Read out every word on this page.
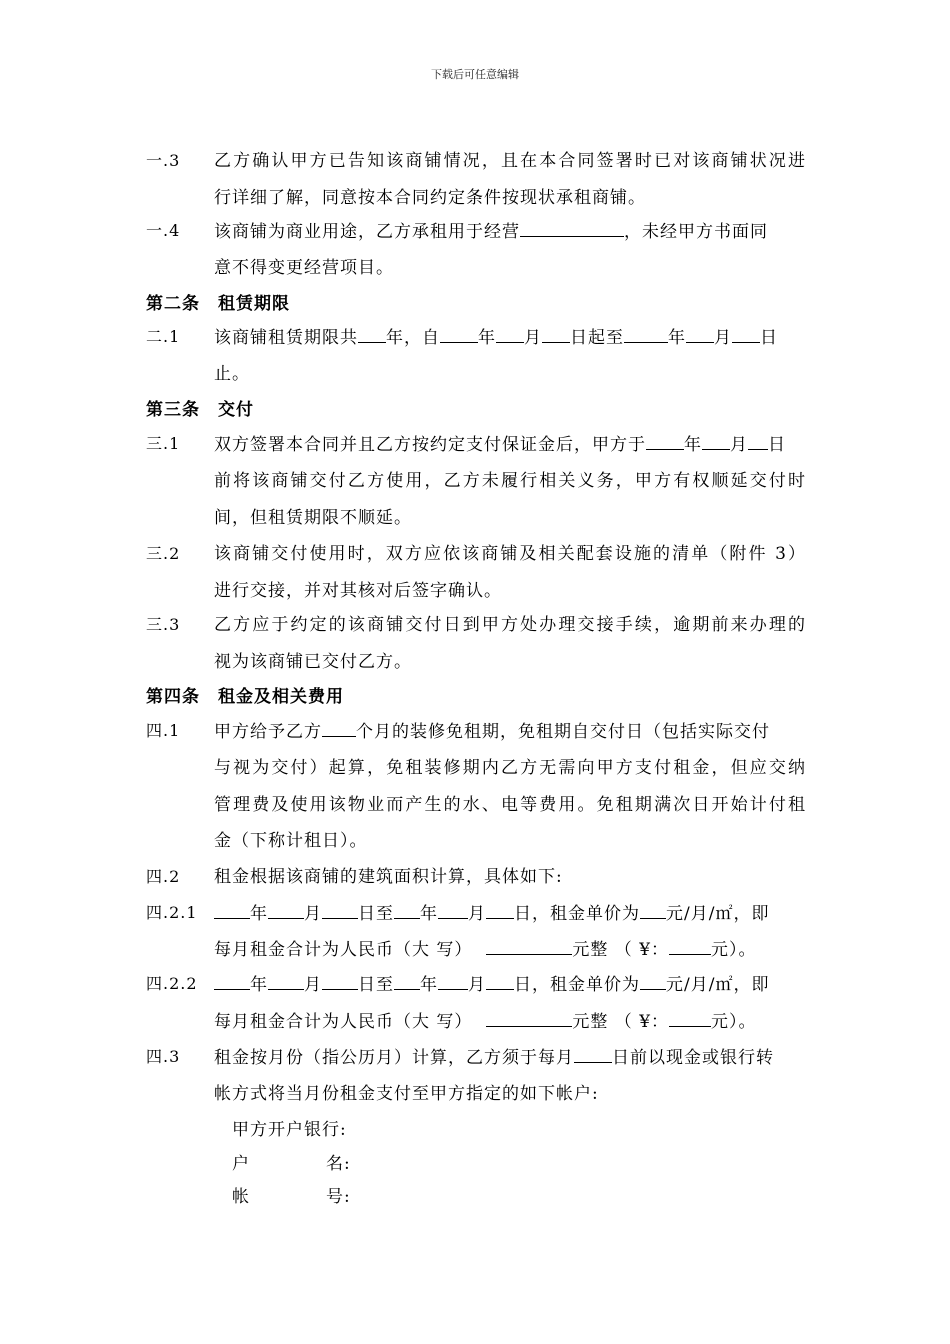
下载后可任意编辑
一.3 乙方确认甲方已告知该商铺情况，且在本合同签署时已对该商铺状况进
行详细了解，同意按本合同约定条件按现状承租商铺。
一.4 该商铺为商业用途，乙方承租用于经营	，未经甲方书面同
意不得变更经营项目。
第二条 租赁期限
二.1 该商铺租赁期限共 年，自 年 月 日起至	年 月 日
止。
第三条 交付
三.1 双方签署本合同并且乙方按约定支付保证金后，甲方于 年 月 日
前将该商铺交付乙方使用，乙方未履行相关义务，甲方有权顺延交付时
间，但租赁期限不顺延。
三.2 该商铺交付使用时，双方应依该商铺及相关配套设施的清单（附件 3）
进行交接，并对其核对后签字确认。
三.3 乙方应于约定的该商铺交付日到甲方处办理交接手续，逾期前来办理的
视为该商铺已交付乙方。
第四条 租金及相关费用
四.1 甲方给予乙方 个月的装修免租期，免租期自交付日（包括实际交付
与视为交付）起算，免租装修期内乙方无需向甲方支付租金，但应交纳
管理费及使用该物业而产生的水、电等费用。免租期满次日开始计付租
金（下称计租日）。
四.2 租金根据该商铺的建筑面积计算，具体如下:
四.2.1	年 月 日至 年 月 日，租金单价为 元/月/㎡，即
每月租金合计为人民币（大 写）	元整 （ ¥： 元）。
四.2.2	年 月 日至 年 月 日，租金单价为 元/月/㎡，即
每月租金合计为人民币（大 写）	元整 （ ¥： 元）。
四.3 租金按月份（指公历月）计算，乙方须于每月 日前以现金或银行转
帐方式将当月份租金支付至甲方指定的如下帐户:
甲方开户银行:
户	名:
帐	号:
